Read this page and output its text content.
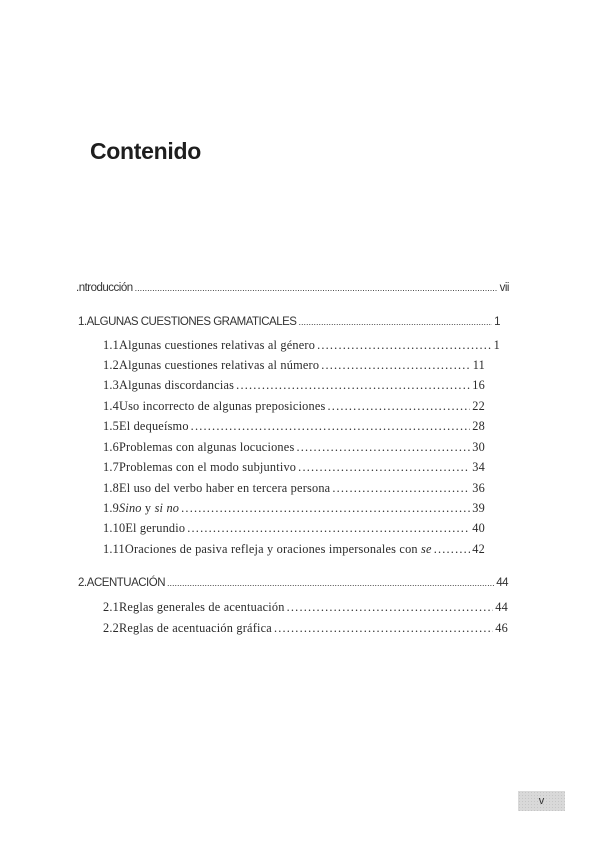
Contenido
.ntroducción .....	vii
1. ALGUNAS CUESTIONES GRAMATICALES .....	1
1.1 Algunas cuestiones relativas al género .....	1
1.2 Algunas cuestiones relativas al número .....	11
1.3 Algunas discordancias .....	16
1.4 Uso incorrecto de algunas preposiciones .....	22
1.5 El dequeísmo .....	28
1.6 Problemas con algunas locuciones .....	30
1.7 Problemas con el modo subjuntivo .....	34
1.8 El uso del verbo haber en tercera persona .....	36
1.9 Sino y si no .....	39
1.10 El gerundio .....	40
1.11 Oraciones de pasiva refleja y oraciones impersonales con se .....	42
2. ACENTUACIÓN .....	44
2.1 Reglas generales de acentuación .....	44
2.2 Reglas de acentuación gráfica .....	46
v
